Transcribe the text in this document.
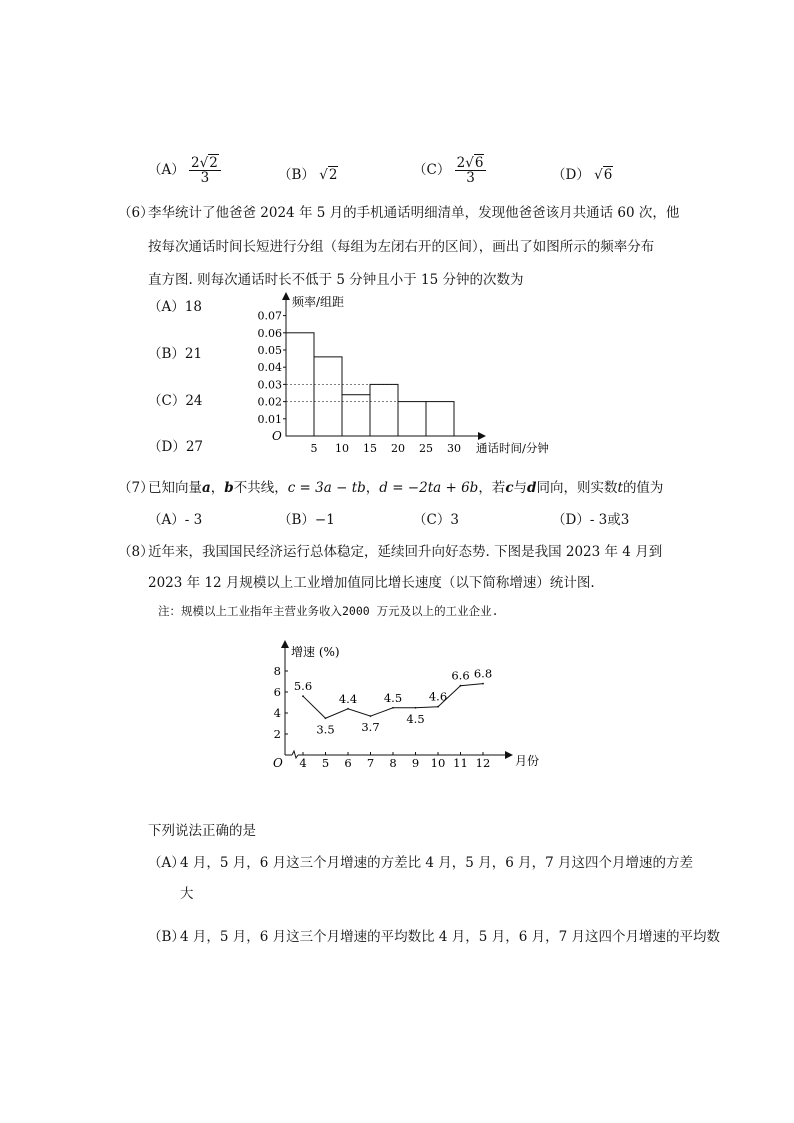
$(A) \frac{2√2}{3}$	（B） √2	$(C) \frac{2√6}{3}$	（D） √6
（6）
李华统计了他爸爸 2024 年 5 月的手机通话明细清单，发现他爸爸该月共通话 60 次，他
按每次通话时间长短进行分组（每组为左闭右开的区间），画出了如图所示的频率分布
直方图. 则每次通话时长不低于 5 分钟且小于 15 分钟的次数为
（A）18
（B）21
（C）24
（D）27
O
频率/组距
通话时间/分钟
0.01
0.02
0.03
0.04
0.05
0.06
0.07
5 10 15 20 25 30
（7）
已知向量a，b不共线，c = 3a − tb，d = −2ta + 6b，若c与d同向，则实数t的值为
（A）- 3	（B）−1	（C）3	（D）- 3或3
（8）
近年来，我国国民经济运行总体稳定，延续回升向好态势. 下图是我国 2023 年 4 月到
2023 年 12 月规模以上工业增加值同比增长速度（以下简称增速）统计图.
注：规模以上工业指年主营业务收入2000 万元及以上的工业企业.
O
增速 (%)
月份
2
4
6
8
4 5 6 7 8 9 10 11 12
5.6
3.5
4.4
3.7
4.5
4.5
4.6
6.6 6.8
下列说法正确的是
（A）
4 月，5 月，6 月这三个月增速的方差比 4 月，5 月，6 月，7 月这四个月增速的方差
大
（B）
4 月，5 月，6 月这三个月增速的平均数比 4 月，5 月，6 月，7 月这四个月增速的平均数
